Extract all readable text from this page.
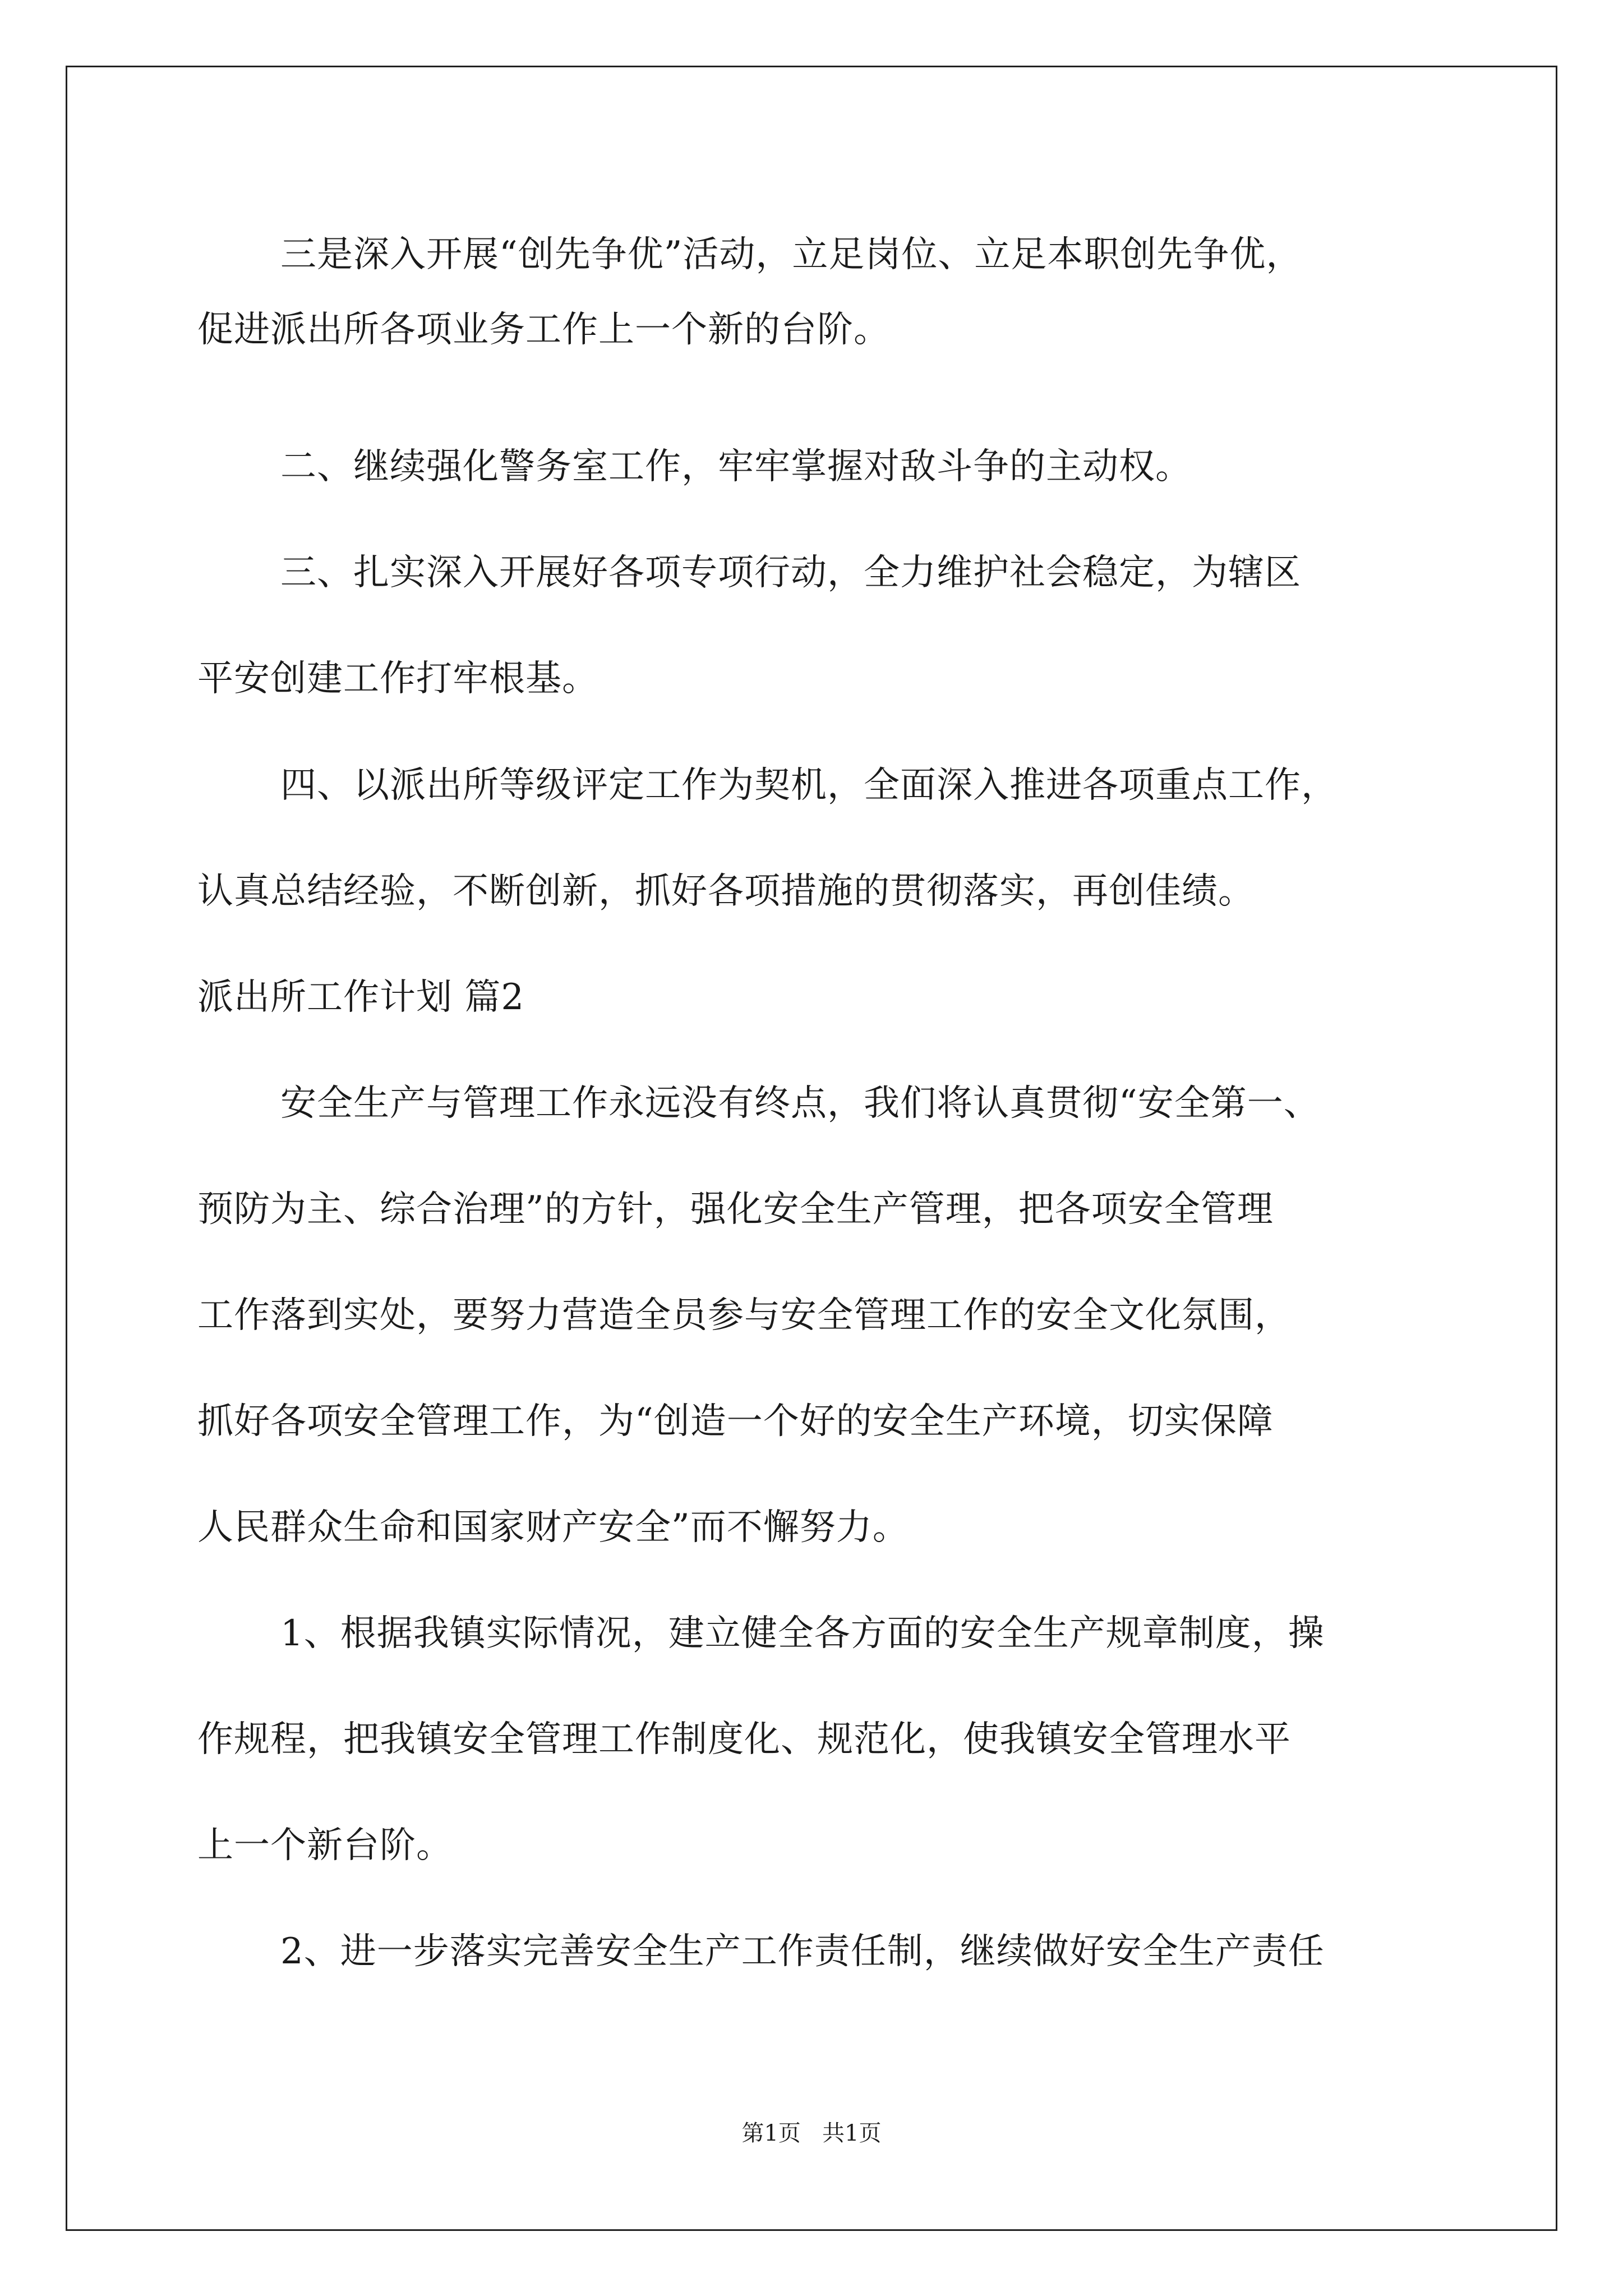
三是深入开展“创先争优”活动，立足岗位、立足本职创先争优，
促进派出所各项业务工作上一个新的台阶。
二、继续强化警务室工作，牢牢掌握对敌斗争的主动权。
三、扎实深入开展好各项专项行动，全力维护社会稳定，为辖区
平安创建工作打牢根基。
四、以派出所等级评定工作为契机，全面深入推进各项重点工作，
认真总结经验，不断创新，抓好各项措施的贯彻落实，再创佳绩。
派出所工作计划 篇2
安全生产与管理工作永远没有终点，我们将认真贯彻“安全第一、
预防为主、综合治理”的方针，强化安全生产管理，把各项安全管理
工作落到实处，要努力营造全员参与安全管理工作的安全文化氛围，
抓好各项安全管理工作，为“创造一个好的安全生产环境，切实保障
人民群众生命和国家财产安全”而不懈努力。
1、根据我镇实际情况，建立健全各方面的安全生产规章制度，操
作规程，把我镇安全管理工作制度化、规范化，使我镇安全管理水平
上一个新台阶。
2、进一步落实完善安全生产工作责任制，继续做好安全生产责任
第1页   共1页
